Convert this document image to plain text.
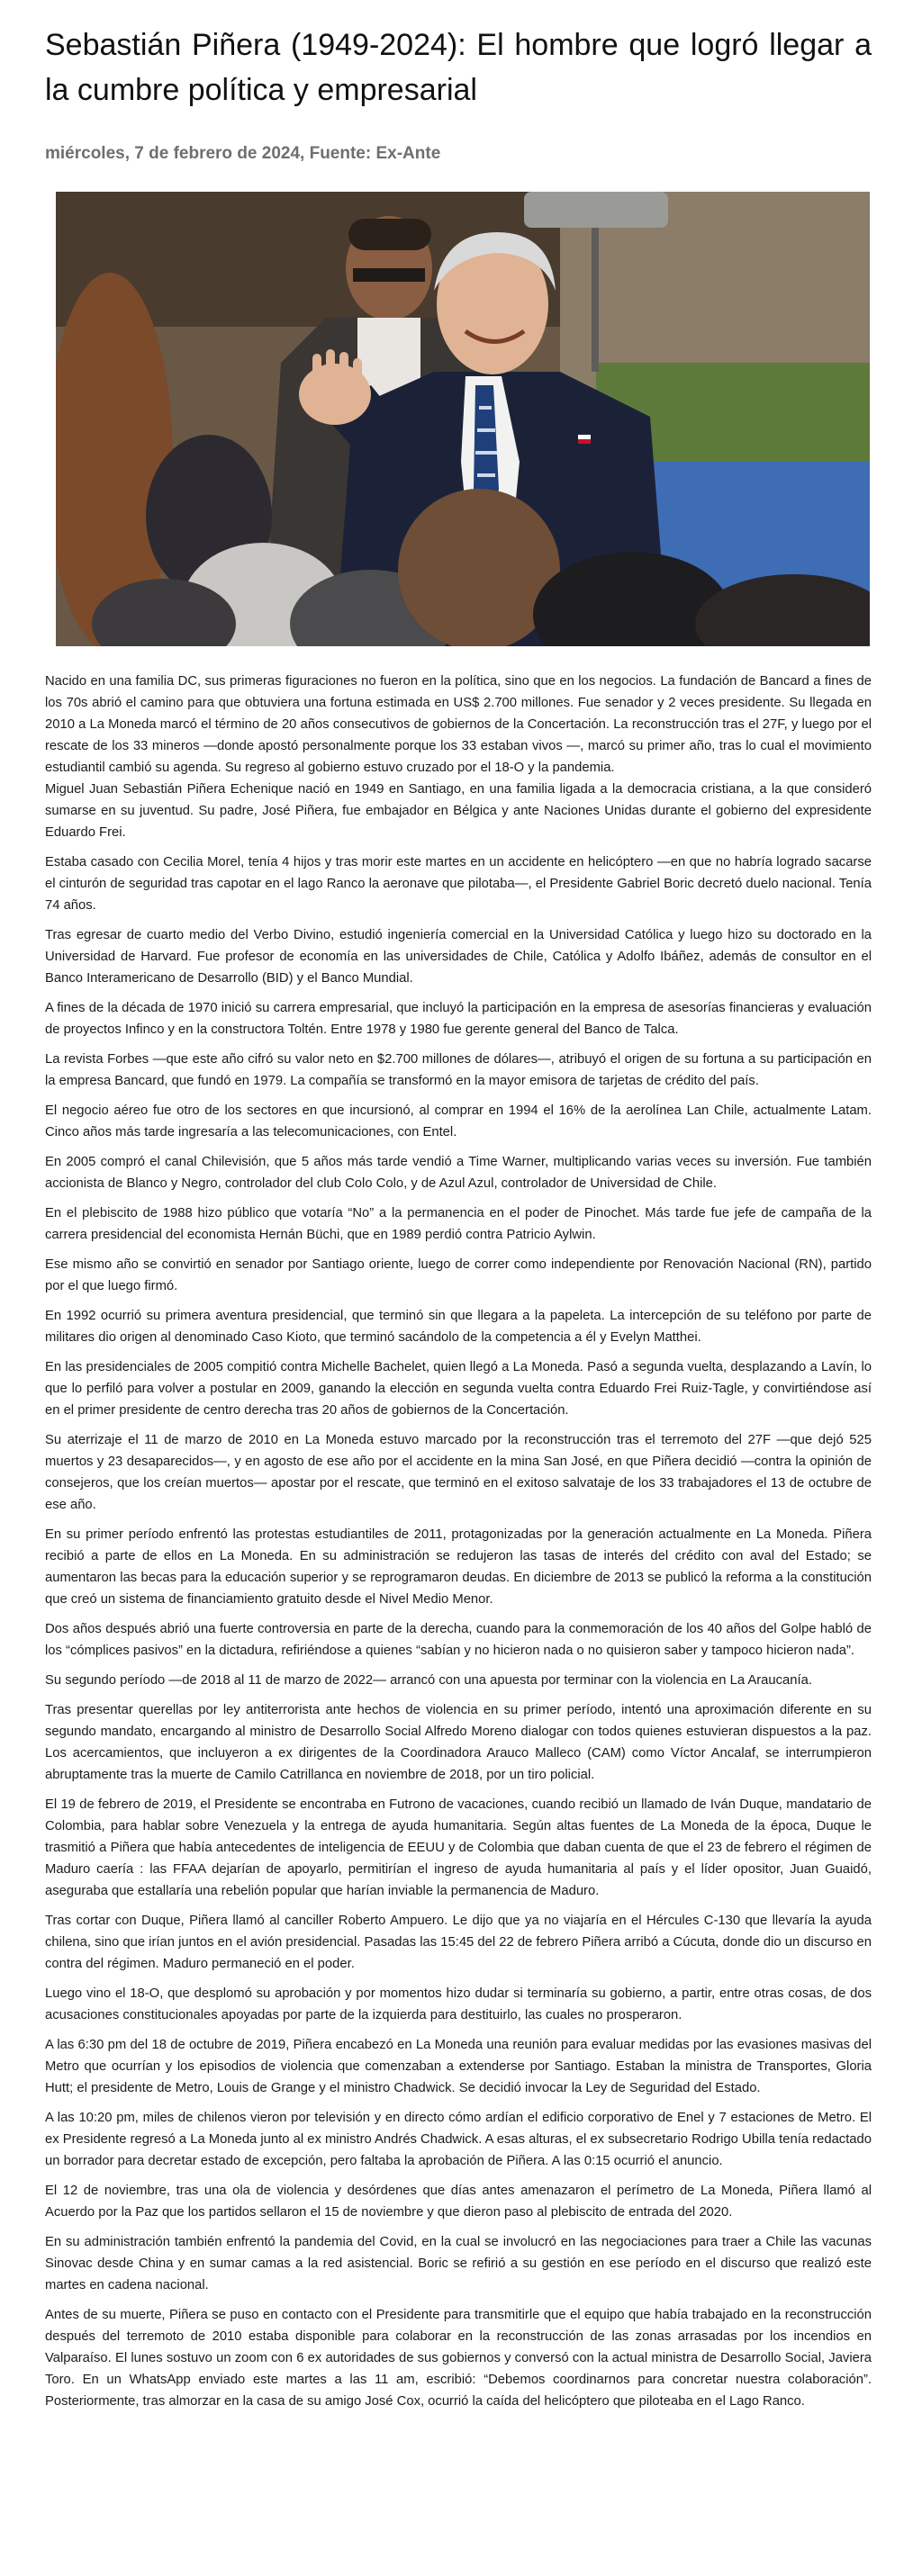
Sebastián Piñera (1949-2024): El hombre que logró llegar a la cumbre política y empresarial
miércoles, 7 de febrero de 2024, Fuente: Ex-Ante

Nacido en una familia DC, sus primeras figuraciones no fueron en la política, sino que en los negocios. La fundación de Bancard a fines de los 70s abrió el camino para que obtuviera una fortuna estimada en US$ 2.700 millones. Fue senador y 2 veces presidente. Su llegada en 2010 a La Moneda marcó el término de 20 años consecutivos de gobiernos de la Concertación. La reconstrucción tras el 27F, y luego por el rescate de los 33 mineros —donde apostó personalmente porque los 33 estaban vivos —, marcó su primer año, tras lo cual el movimiento estudiantil cambió su agenda. Su regreso al gobierno estuvo cruzado por el 18-O y la pandemia.

Miguel Juan Sebastián Piñera Echenique nació en 1949 en Santiago, en una familia ligada a la democracia cristiana, a la que consideró sumarse en su juventud. Su padre, José Piñera, fue embajador en Bélgica y ante Naciones Unidas durante el gobierno del expresidente Eduardo Frei.

Estaba casado con Cecilia Morel, tenía 4 hijos y tras morir este martes en un accidente en helicóptero —en que no habría logrado sacarse el cinturón de seguridad tras capotar en el lago Ranco la aeronave que pilotaba—, el Presidente Gabriel Boric decretó duelo nacional. Tenía 74 años.

Tras egresar de cuarto medio del Verbo Divino, estudió ingeniería comercial en la Universidad Católica y luego hizo su doctorado en la Universidad de Harvard. Fue profesor de economía en las universidades de Chile, Católica y Adolfo Ibáñez, además de consultor en el Banco Interamericano de Desarrollo (BID) y el Banco Mundial.

A fines de la década de 1970 inició su carrera empresarial, que incluyó la participación en la empresa de asesorías financieras y evaluación de proyectos Infinco y en la constructora Toltén. Entre 1978 y 1980 fue gerente general del Banco de Talca.

La revista Forbes —que este año cifró su valor neto en $2.700 millones de dólares—, atribuyó el origen de su fortuna a su participación en la empresa Bancard, que fundó en 1979. La compañía se transformó en la mayor emisora de tarjetas de crédito del país.

El negocio aéreo fue otro de los sectores en que incursionó, al comprar en 1994 el 16% de la aerolínea Lan Chile, actualmente Latam. Cinco años más tarde ingresaría a las telecomunicaciones, con Entel.

En 2005 compró el canal Chilevisión, que 5 años más tarde vendió a Time Warner, multiplicando varias veces su inversión. Fue también accionista de Blanco y Negro, controlador del club Colo Colo, y de Azul Azul, controlador de Universidad de Chile.

En el plebiscito de 1988 hizo público que votaría “No” a la permanencia en el poder de Pinochet. Más tarde fue jefe de campaña de la carrera presidencial del economista Hernán Büchi, que en 1989 perdió contra Patricio Aylwin.

Ese mismo año se convirtió en senador por Santiago oriente, luego de correr como independiente por Renovación Nacional (RN), partido por el que luego firmó.

En 1992 ocurrió su primera aventura presidencial, que terminó sin que llegara a la papeleta. La intercepción de su teléfono por parte de militares dio origen al denominado Caso Kioto, que terminó sacándolo de la competencia a él y Evelyn Matthei.

En las presidenciales de 2005 compitió contra Michelle Bachelet, quien llegó a La Moneda. Pasó a segunda vuelta, desplazando a Lavín, lo que lo perfiló para volver a postular en 2009, ganando la elección en segunda vuelta contra Eduardo Frei Ruiz-Tagle, y convirtiéndose así en el primer presidente de centro derecha tras 20 años de gobiernos de la Concertación.

Su aterrizaje el 11 de marzo de 2010 en La Moneda estuvo marcado por la reconstrucción tras el terremoto del 27F —que dejó 525 muertos y 23 desaparecidos—, y en agosto de ese año por el accidente en la mina San José, en que Piñera decidió —contra la opinión de consejeros, que los creían muertos— apostar por el rescate, que terminó en el exitoso salvataje de los 33 trabajadores el 13 de octubre de ese año.

En su primer período enfrentó las protestas estudiantiles de 2011, protagonizadas por la generación actualmente en La Moneda. Piñera recibió a parte de ellos en La Moneda. En su administración se redujeron las tasas de interés del crédito con aval del Estado; se aumentaron las becas para la educación superior y se reprogramaron deudas. En diciembre de 2013 se publicó la reforma a la constitución que creó un sistema de financiamiento gratuito desde el Nivel Medio Menor.

Dos años después abrió una fuerte controversia en parte de la derecha, cuando para la conmemoración de los 40 años del Golpe habló de los “cómplices pasivos” en la dictadura, refiriéndose a quienes “sabían y no hicieron nada o no quisieron saber y tampoco hicieron nada”.

Su segundo período —de 2018 al 11 de marzo de 2022— arrancó con una apuesta por terminar con la violencia en La Araucanía.

Tras presentar querellas por ley antiterrorista ante hechos de violencia en su primer período, intentó una aproximación diferente en su segundo mandato, encargando al ministro de Desarrollo Social Alfredo Moreno dialogar con todos quienes estuvieran dispuestos a la paz. Los acercamientos, que incluyeron a ex dirigentes de la Coordinadora Arauco Malleco (CAM) como Víctor Ancalaf, se interrumpieron abruptamente tras la muerte de Camilo Catrillanca en noviembre de 2018, por un tiro policial.

El 19 de febrero de 2019, el Presidente se encontraba en Futrono de vacaciones, cuando recibió un llamado de Iván Duque, mandatario de Colombia, para hablar sobre Venezuela y la entrega de ayuda humanitaria. Según altas fuentes de La Moneda de la época, Duque le trasmitió a Piñera que había antecedentes de inteligencia de EEUU y de Colombia que daban cuenta de que el 23 de febrero el régimen de Maduro caería : las FFAA dejarían de apoyarlo, permitirían el ingreso de ayuda humanitaria al país y el líder opositor, Juan Guaidó, aseguraba que estallaría una rebelión popular que harían inviable la permanencia de Maduro.

Tras cortar con Duque, Piñera llamó al canciller Roberto Ampuero. Le dijo que ya no viajaría en el Hércules C-130 que llevaría la ayuda chilena, sino que irían juntos en el avión presidencial. Pasadas las 15:45 del 22 de febrero Piñera arribó a Cúcuta, donde dio un discurso en contra del régimen. Maduro permaneció en el poder.

Luego vino el 18-O, que desplomó su aprobación y por momentos hizo dudar si terminaría su gobierno, a partir, entre otras cosas, de dos acusaciones constitucionales apoyadas por parte de la izquierda para destituirlo, las cuales no prosperaron.

A las 6:30 pm del 18 de octubre de 2019, Piñera encabezó en La Moneda una reunión para evaluar medidas por las evasiones masivas del Metro que ocurrían y los episodios de violencia que comenzaban a extenderse por Santiago. Estaban la ministra de Transportes, Gloria Hutt; el presidente de Metro, Louis de Grange y el ministro Chadwick. Se decidió invocar la Ley de Seguridad del Estado.

A las 10:20 pm, miles de chilenos vieron por televisión y en directo cómo ardían el edificio corporativo de Enel y 7 estaciones de Metro. El ex Presidente regresó a La Moneda junto al ex ministro Andrés Chadwick. A esas alturas, el ex subsecretario Rodrigo Ubilla tenía redactado un borrador para decretar estado de excepción, pero faltaba la aprobación de Piñera. A las 0:15 ocurrió el anuncio.

El 12 de noviembre, tras una ola de violencia y desórdenes que días antes amenazaron el perímetro de La Moneda, Piñera llamó al Acuerdo por la Paz que los partidos sellaron el 15 de noviembre y que dieron paso al plebiscito de entrada del 2020.

En su administración también enfrentó la pandemia del Covid, en la cual se involucró en las negociaciones para traer a Chile las vacunas Sinovac desde China y en sumar camas a la red asistencial. Boric se refirió a su gestión en ese período en el discurso que realizó este martes en cadena nacional.

Antes de su muerte, Piñera se puso en contacto con el Presidente para transmitirle que el equipo que había trabajado en la reconstrucción después del terremoto de 2010 estaba disponible para colaborar en la reconstrucción de las zonas arrasadas por los incendios en Valparaíso. El lunes sostuvo un zoom con 6 ex autoridades de sus gobiernos y conversó con la actual ministra de Desarrollo Social, Javiera Toro. En un WhatsApp enviado este martes a las 11 am, escribió: “Debemos coordinarnos para concretar nuestra colaboración”. Posteriormente, tras almorzar en la casa de su amigo José Cox, ocurrió la caída del helicóptero que piloteaba en el Lago Ranco.
